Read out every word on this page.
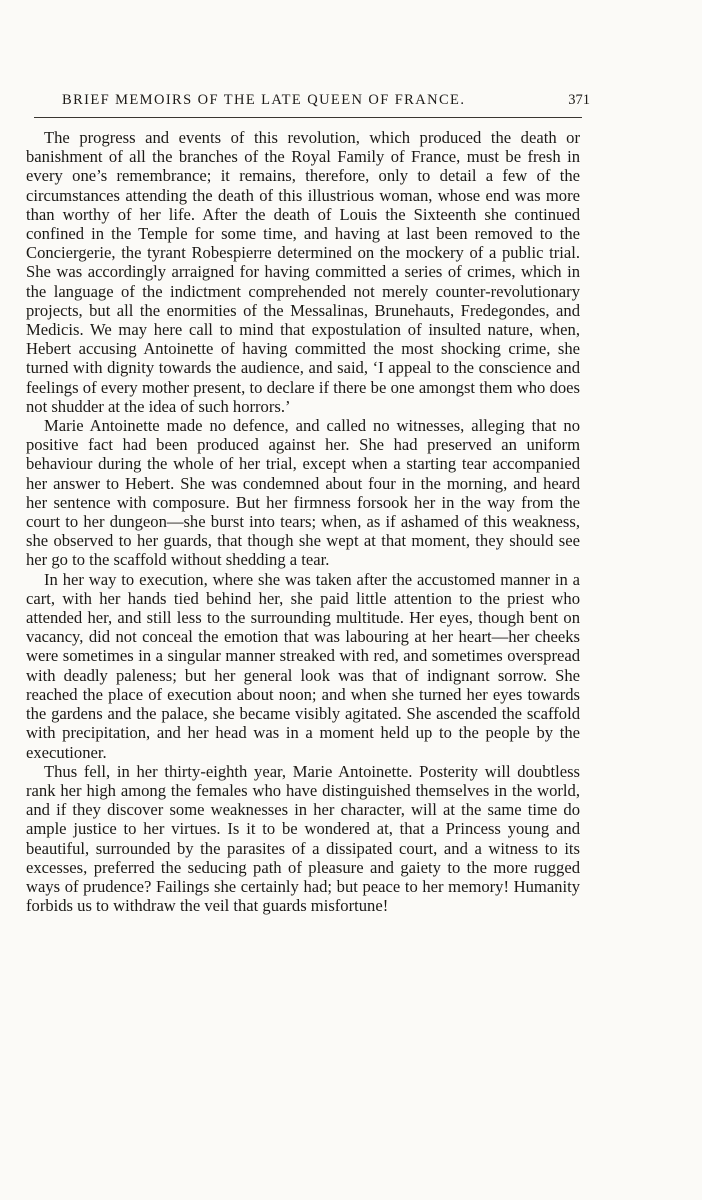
BRIEF MEMOIRS OF THE LATE QUEEN OF FRANCE.	371

The progress and events of this revolution, which produced the death or banishment of all the branches of the Royal Family of France, must be fresh in every one’s remembrance; it remains, therefore, only to detail a few of the circumstances attending the death of this illustrious woman, whose end was more than worthy of her life. After the death of Louis the Sixteenth she continued confined in the Temple for some time, and having at last been removed to the Conciergerie, the tyrant Robespierre determined on the mockery of a public trial. She was accordingly arraigned for having committed a series of crimes, which in the language of the indictment comprehended not merely counter-revolutionary projects, but all the enormities of the Messalinas, Brunehauts, Fredegondes, and Medicis. We may here call to mind that expostulation of insulted nature, when, Hebert accusing Antoinette of having committed the most shocking crime, she turned with dignity towards the audience, and said, ‘I appeal to the conscience and feelings of every mother present, to declare if there be one amongst them who does not shudder at the idea of such horrors.’

Marie Antoinette made no defence, and called no witnesses, alleging that no positive fact had been produced against her. She had preserved an uniform behaviour during the whole of her trial, except when a starting tear accompanied her answer to Hebert. She was condemned about four in the morning, and heard her sentence with composure. But her firmness forsook her in the way from the court to her dungeon—she burst into tears; when, as if ashamed of this weakness, she observed to her guards, that though she wept at that moment, they should see her go to the scaffold without shedding a tear.

In her way to execution, where she was taken after the accustomed manner in a cart, with her hands tied behind her, she paid little attention to the priest who attended her, and still less to the surrounding multitude. Her eyes, though bent on vacancy, did not conceal the emotion that was labouring at her heart—her cheeks were sometimes in a singular manner streaked with red, and sometimes overspread with deadly paleness; but her general look was that of indignant sorrow. She reached the place of execution about noon; and when she turned her eyes towards the gardens and the palace, she became visibly agitated. She ascended the scaffold with precipitation, and her head was in a moment held up to the people by the executioner.

Thus fell, in her thirty-eighth year, Marie Antoinette. Posterity will doubtless rank her high among the females who have distinguished themselves in the world, and if they discover some weaknesses in her character, will at the same time do ample justice to her virtues. Is it to be wondered at, that a Princess young and beautiful, surrounded by the parasites of a dissipated court, and a witness to its excesses, preferred the seducing path of pleasure and gaiety to the more rugged ways of prudence? Failings she certainly had; but peace to her memory! Humanity forbids us to withdraw the veil that guards misfortune!
